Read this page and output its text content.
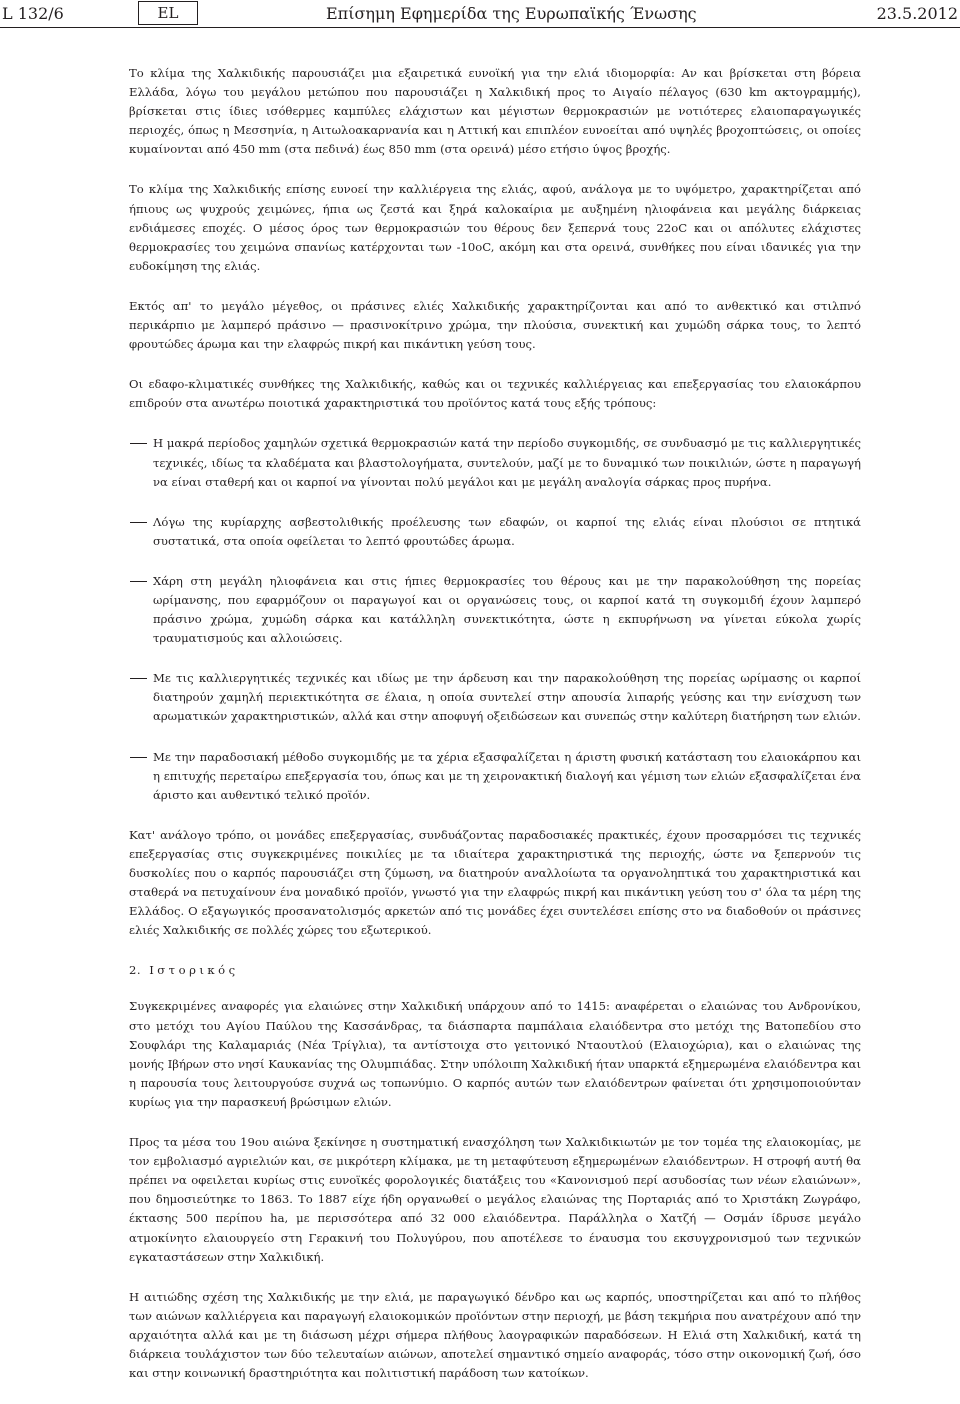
L 132/6	EL	Επίσημη Εφημερίδα της Ευρωπαϊκής Ένωσης	23.5.2012

Το κλίμα της Χαλκιδικής παρουσιάζει μια εξαιρετικά ευνοϊκή για την ελιά ιδιομορφία: Αν και βρίσκεται στη βόρεια Ελλάδα, λόγω του μεγάλου μετώπου που παρουσιάζει η Χαλκιδική προς το Αιγαίο πέλαγος (630 km ακτογραμμής), βρίσκεται στις ίδιες ισόθερμες καμπύλες ελάχιστων και μέγιστων θερμοκρασιών με νοτιότερες ελαιοπαραγωγικές περιοχές, όπως η Μεσσηνία, η Αιτωλοακαρνανία και η Αττική και επιπλέον ευνοείται από υψηλές βροχοπτώσεις, οι οποίες κυμαίνονται από 450 mm (στα πεδινά) έως 850 mm (στα ορεινά) μέσο ετήσιο ύψος βροχής.

Το κλίμα της Χαλκιδικής επίσης ευνοεί την καλλιέργεια της ελιάς, αφού, ανάλογα με το υψόμετρο, χαρακτηρίζεται από ήπιους ως ψυχρούς χειμώνες, ήπια ως ζεστά και ξηρά καλοκαίρια με αυξημένη ηλιοφάνεια και μεγάλης διάρκειας ενδιάμεσες εποχές. Ο μέσος όρος των θερμοκρασιών του θέρους δεν ξεπερνά τους 22oC και οι απόλυτες ελάχιστες θερμοκρασίες του χειμώνα σπανίως κατέρχονται των -10oC, ακόμη και στα ορεινά, συνθήκες που είναι ιδανικές για την ευδοκίμηση της ελιάς.

Εκτός απ' το μεγάλο μέγεθος, οι πράσινες ελιές Χαλκιδικής χαρακτηρίζονται και από το ανθεκτικό και στιλπνό περικάρπιο με λαμπερό πράσινο — πρασινοκίτρινο χρώμα, την πλούσια, συνεκτική και χυμώδη σάρκα τους, το λεπτό φρουτώδες άρωμα και την ελαφρώς πικρή και πικάντικη γεύση τους.

Οι εδαφο-κλιματικές συνθήκες της Χαλκιδικής, καθώς και οι τεχνικές καλλιέργειας και επεξεργασίας του ελαιοκάρπου επιδρούν στα ανωτέρω ποιοτικά χαρακτηριστικά του προϊόντος κατά τους εξής τρόπους:

Η μακρά περίοδος χαμηλών σχετικά θερμοκρασιών κατά την περίοδο συγκομιδής, σε συνδυασμό με τις καλλιεργητικές τεχνικές, ιδίως τα κλαδέματα και βλαστολογήματα, συντελούν, μαζί με το δυναμικό των ποικιλιών, ώστε η παραγωγή να είναι σταθερή και οι καρποί να γίνονται πολύ μεγάλοι και με μεγάλη αναλογία σάρκας προς πυρήνα.
Λόγω της κυρίαρχης ασβεστολιθικής προέλευσης των εδαφών, οι καρποί της ελιάς είναι πλούσιοι σε πτητικά συστατικά, στα οποία οφείλεται το λεπτό φρουτώδες άρωμα.
Χάρη στη μεγάλη ηλιοφάνεια και στις ήπιες θερμοκρασίες του θέρους και με την παρακολούθηση της πορείας ωρίμανσης, που εφαρμόζουν οι παραγωγοί και οι οργανώσεις τους, οι καρποί κατά τη συγκομιδή έχουν λαμπερό πράσινο χρώμα, χυμώδη σάρκα και κατάλληλη συνεκτικότητα, ώστε η εκπυρήνωση να γίνεται εύκολα χωρίς τραυματισμούς και αλλοιώσεις.
Με τις καλλιεργητικές τεχνικές και ιδίως με την άρδευση και την παρακολούθηση της πορείας ωρίμασης οι καρποί διατηρούν χαμηλή περιεκτικότητα σε έλαια, η οποία συντελεί στην απουσία λιπαρής γεύσης και την ενίσχυση των αρωματικών χαρακτηριστικών, αλλά και στην αποφυγή οξειδώσεων και συνεπώς στην καλύτερη διατήρηση των ελιών.
Με την παραδοσιακή μέθοδο συγκομιδής με τα χέρια εξασφαλίζεται η άριστη φυσική κατάσταση του ελαιοκάρπου και η επιτυχής περεταίρω επεξεργασία του, όπως και με τη χειρονακτική διαλογή και γέμιση των ελιών εξασφαλίζεται ένα άριστο και αυθεντικό τελικό προϊόν.

Κατ' ανάλογο τρόπο, οι μονάδες επεξεργασίας, συνδυάζοντας παραδοσιακές πρακτικές, έχουν προσαρμόσει τις τεχνικές επεξεργασίας στις συγκεκριμένες ποικιλίες με τα ιδιαίτερα χαρακτηριστικά της περιοχής, ώστε να ξεπερνούν τις δυσκολίες που ο καρπός παρουσιάζει στη ζύμωση, να διατηρούν αναλλοίωτα τα οργανοληπτικά του χαρακτηριστικά και σταθερά να πετυχαίνουν ένα μοναδικό προϊόν, γνωστό για την ελαφρώς πικρή και πικάντικη γεύση του σ' όλα τα μέρη της Ελλάδος. Ο εξαγωγικός προσανατολισμός αρκετών από τις μονάδες έχει συντελέσει επίσης στο να διαδοθούν οι πράσινες ελιές Χαλκιδικής σε πολλές χώρες του εξωτερικού.

2. Ιστορικός

Συγκεκριμένες αναφορές για ελαιώνες στην Χαλκιδική υπάρχουν από το 1415: αναφέρεται ο ελαιώνας του Ανδρονίκου, στο μετόχι του Αγίου Παύλου της Κασσάνδρας, τα διάσπαρτα παμπάλαια ελαιόδεντρα στο μετόχι της Βατοπεδίου στο Σουφλάρι της Καλαμαριάς (Νέα Τρίγλια), τα αντίστοιχα στο γειτονικό Νταουτλού (Ελαιοχώρια), και ο ελαιώνας της μονής Ιβήρων στο νησί Καυκανίας της Ολυμπιάδας. Στην υπόλοιπη Χαλκιδική ήταν υπαρκτά εξημερωμένα ελαιόδεντρα και η παρουσία τους λειτουργούσε συχνά ως τοπωνύμιο. Ο καρπός αυτών των ελαιόδεντρων φαίνεται ότι χρησιμοποιούνταν κυρίως για την παρασκευή βρώσιμων ελιών.

Προς τα μέσα του 19ου αιώνα ξεκίνησε η συστηματική ενασχόληση των Χαλκιδικιωτών με τον τομέα της ελαιοκομίας, με τον εμβολιασμό αγριελιών και, σε μικρότερη κλίμακα, με τη μεταφύτευση εξημερωμένων ελαιόδεντρων. Η στροφή αυτή θα πρέπει να οφειλεται κυρίως στις ευνοϊκές φορολογικές διατάξεις του «Κανονισμού περί ασυδοσίας των νέων ελαιώνων», που δημοσιεύτηκε το 1863. Το 1887 είχε ήδη οργανωθεί ο μεγάλος ελαιώνας της Πορταριάς από το Χριστάκη Ζωγράφο, έκτασης 500 περίπου ha, με περισσότερα από 32 000 ελαιόδεντρα. Παράλληλα ο Χατζή — Οσμάν ίδρυσε μεγάλο ατμοκίνητο ελαιουργείο στη Γερακινή του Πολυγύρου, που αποτέλεσε το έναυσμα του εκσυγχρονισμού των τεχνικών εγκαταστάσεων στην Χαλκιδική.

Η αιτιώδης σχέση της Χαλκιδικής με την ελιά, με παραγωγικό δένδρο και ως καρπός, υποστηρίζεται και από το πλήθος των αιώνων καλλιέργεια και παραγωγή ελαιοκομικών προϊόντων στην περιοχή, με βάση τεκμήρια που ανατρέχουν από την αρχαιότητα αλλά και με τη διάσωση μέχρι σήμερα πλήθους λαογραφικών παραδόσεων. Η Ελιά στη Χαλκιδική, κατά τη διάρκεια τουλάχιστον των δύο τελευταίων αιώνων, αποτελεί σημαντικό σημείο αναφοράς, τόσο στην οικονομική ζωή, όσο και στην κοινωνική δραστηριότητα και πολιτιστική παράδοση των κατοίκων.
